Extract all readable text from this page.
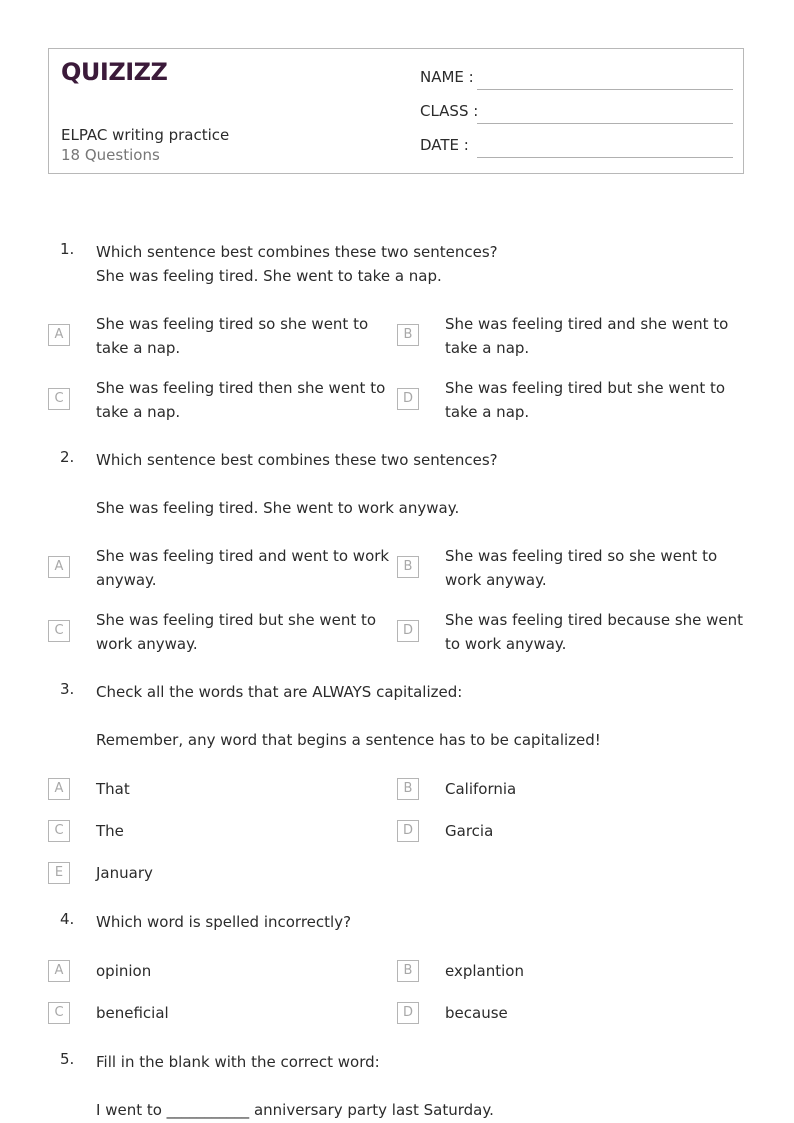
QUIZIZZ
ELPAC writing practice
18 Questions
NAME :
CLASS :
DATE :
1. Which sentence best combines these two sentences?
She was feeling tired. She went to take a nap.
A
She was feeling tired so she went to take a nap.
B
She was feeling tired and she went to take a nap.
C
She was feeling tired then she went to take a nap.
D
She was feeling tired but she went to take a nap.
2. Which sentence best combines these two sentences?
She was feeling tired. She went to work anyway.
A
She was feeling tired and went to work anyway.
B
She was feeling tired so she went to work anyway.
C
She was feeling tired but she went to work anyway.
D
She was feeling tired because she went to work anyway.
3. Check all the words that are ALWAYS capitalized:
Remember, any word that begins a sentence has to be capitalized!
A	That	B	California
C	The	D	Garcia
E	January
4. Which word is spelled incorrectly?
A	opinion	B	explantion
C	beneficial	D	because
5. Fill in the blank with the correct word:
I went to ___________ anniversary party last Saturday.
